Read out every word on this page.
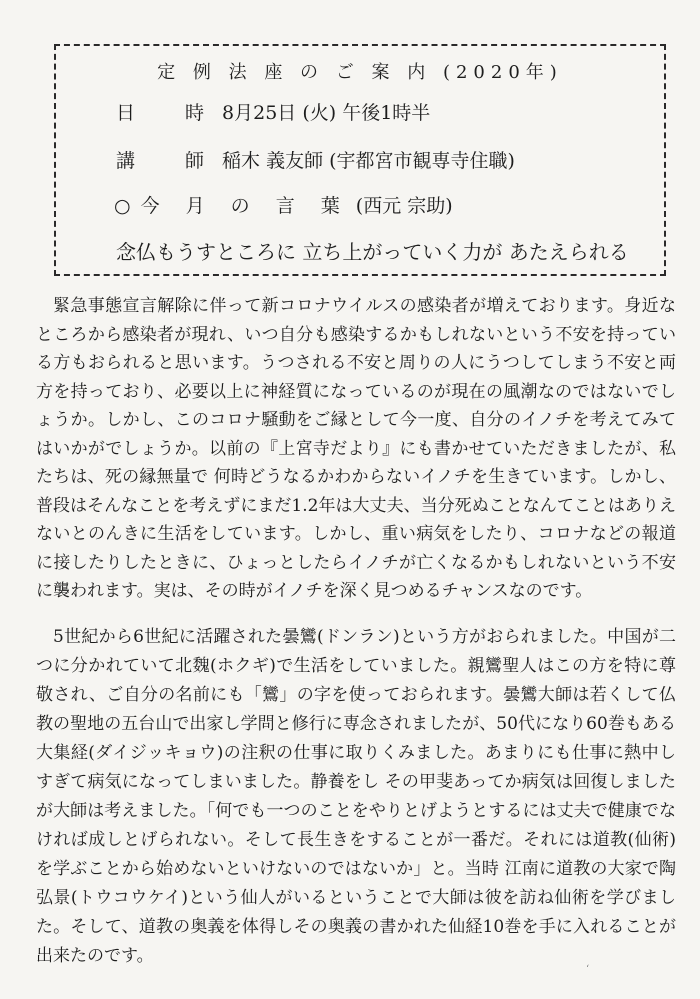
定 例 法 座 の ご 案 内 (2020年)
日 時 8月25日 (火) 午後1時半
講 師 稲木 義友師 (宇都宮市観専寺住職)
○今 月 の 言 葉 (西元 宗助)
念仏もうすところに 立ち上がっていく力が あたえられる

緊急事態宣言解除に伴って新コロナウイルスの感染者が増えております。身近なところから感染者が現れ、いつ自分も感染するかもしれないという不安を持っている方もおられると思います。うつされる不安と周りの人にうつしてしまう不安と両方を持っており、必要以上に神経質になっているのが現在の風潮なのではないでしょうか。しかし、このコロナ騒動をご縁として今一度、自分のイノチを考えてみてはいかがでしょうか。以前の『上宮寺だより』にも書かせていただきましたが、私たちは、死の縁無量で 何時どうなるかわからないイノチを生きています。しかし、普段はそんなことを考えずにまだ1.2年は大丈夫、当分死ぬことなんてことはありえないとのんきに生活をしています。しかし、重い病気をしたり、コロナなどの報道に接したりしたときに、ひょっとしたらイノチが亡くなるかもしれないという不安に襲われます。実は、その時がイノチを深く見つめるチャンスなのです。

5世紀から6世紀に活躍された曇鸞(ドンラン)という方がおられました。中国が二つに分かれていて北魏(ホクギ)で生活をしていました。親鸞聖人はこの方を特に尊敬され、ご自分の名前にも「鸞」の字を使っておられます。曇鸞大師は若くして仏教の聖地の五台山で出家し学問と修行に専念されましたが、50代になり60巻もある大集経(ダイジッキョウ)の注釈の仕事に取りくみました。あまりにも仕事に熱中しすぎて病気になってしまいました。静養をし その甲斐あってか病気は回復しましたが大師は考えました。「何でも一つのことをやりとげようとするには丈夫で健康でなければ成しとげられない。そして長生きをすることが一番だ。それには道教(仙術)を学ぶことから始めないといけないのではないか」と。当時 江南に道教の大家で陶弘景(トウコウケイ)という仙人がいるということで大師は彼を訪ね仙術を学びました。そして、道教の奥義を体得しその奥義の書かれた仙経10巻を手に入れることが出来たのです。

‘
